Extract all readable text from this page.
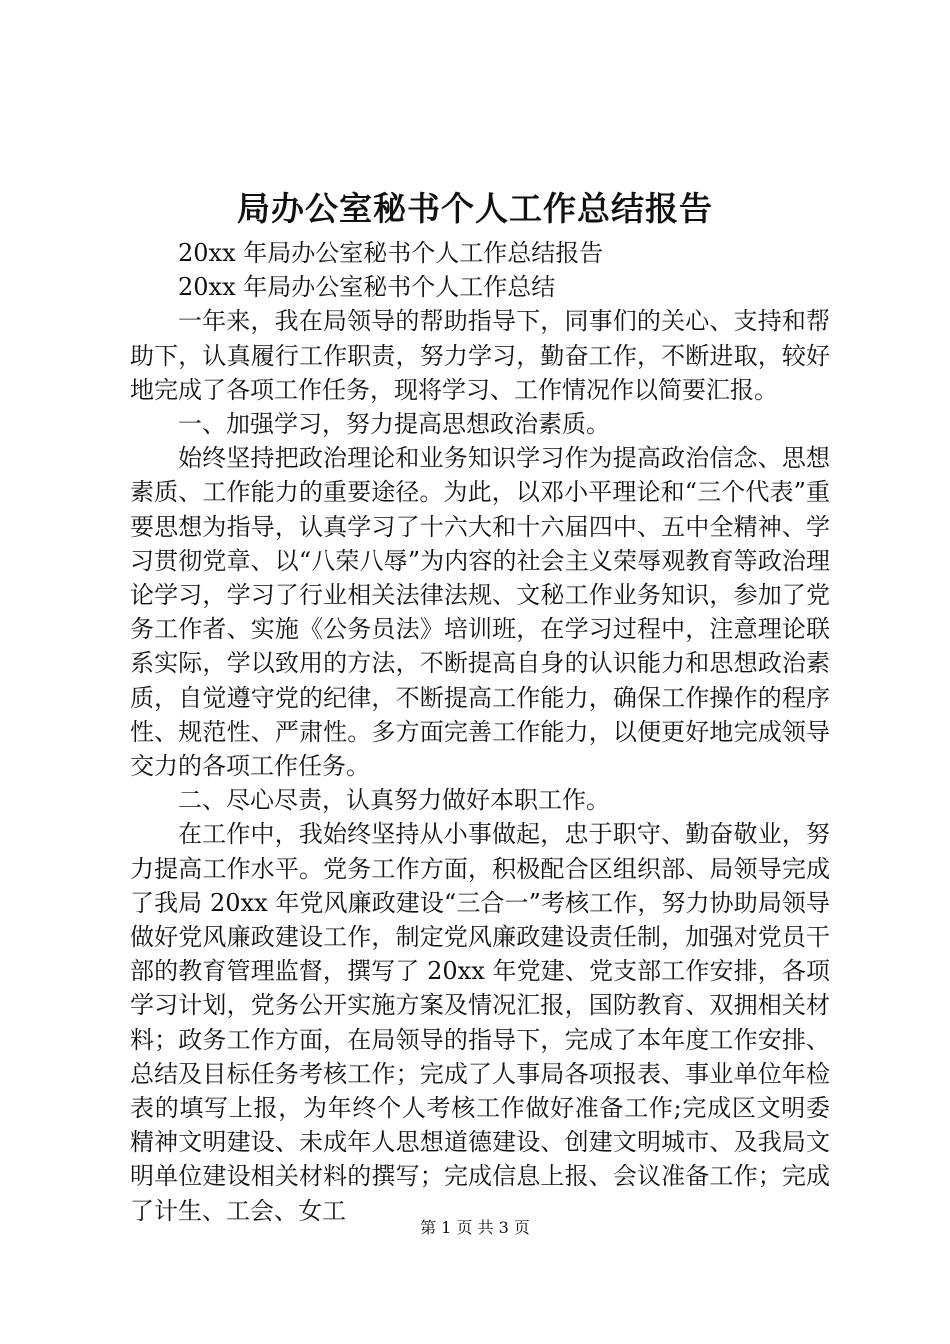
局办公室秘书个人工作总结报告

20xx 年局办公室秘书个人工作总结报告

20xx 年局办公室秘书个人工作总结

一年来，我在局领导的帮助指导下，同事们的关心、支持和帮助下，认真履行工作职责，努力学习，勤奋工作，不断进取，较好地完成了各项工作任务，现将学习、工作情况作以简要汇报。

一、加强学习，努力提高思想政治素质。

始终坚持把政治理论和业务知识学习作为提高政治信念、思想素质、工作能力的重要途径。为此，以邓小平理论和“三个代表”重要思想为指导，认真学习了十六大和十六届四中、五中全精神、学习贯彻党章、以“八荣八辱”为内容的社会主义荣辱观教育等政治理论学习，学习了行业相关法律法规、文秘工作业务知识，参加了党务工作者、实施《公务员法》培训班，在学习过程中，注意理论联系实际，学以致用的方法，不断提高自身的认识能力和思想政治素质，自觉遵守党的纪律，不断提高工作能力，确保工作操作的程序性、规范性、严肃性。多方面完善工作能力，以便更好地完成领导交力的各项工作任务。

二、尽心尽责，认真努力做好本职工作。

在工作中，我始终坚持从小事做起，忠于职守、勤奋敬业，努力提高工作水平。党务工作方面，积极配合区组织部、局领导完成了我局 20xx 年党风廉政建设“三合一”考核工作，努力协助局领导做好党风廉政建设工作，制定党风廉政建设责任制，加强对党员干部的教育管理监督，撰写了 20xx 年党建、党支部工作安排，各项学习计划，党务公开实施方案及情况汇报，国防教育、双拥相关材料；政务工作方面，在局领导的指导下，完成了本年度工作安排、总结及目标任务考核工作；完成了人事局各项报表、事业单位年检表的填写上报，为年终个人考核工作做好准备工作;完成区文明委精神文明建设、未成年人思想道德建设、创建文明城市、及我局文明单位建设相关材料的撰写；完成信息上报、会议准备工作；完成了计生、工会、女工

第 1 页 共 3 页
